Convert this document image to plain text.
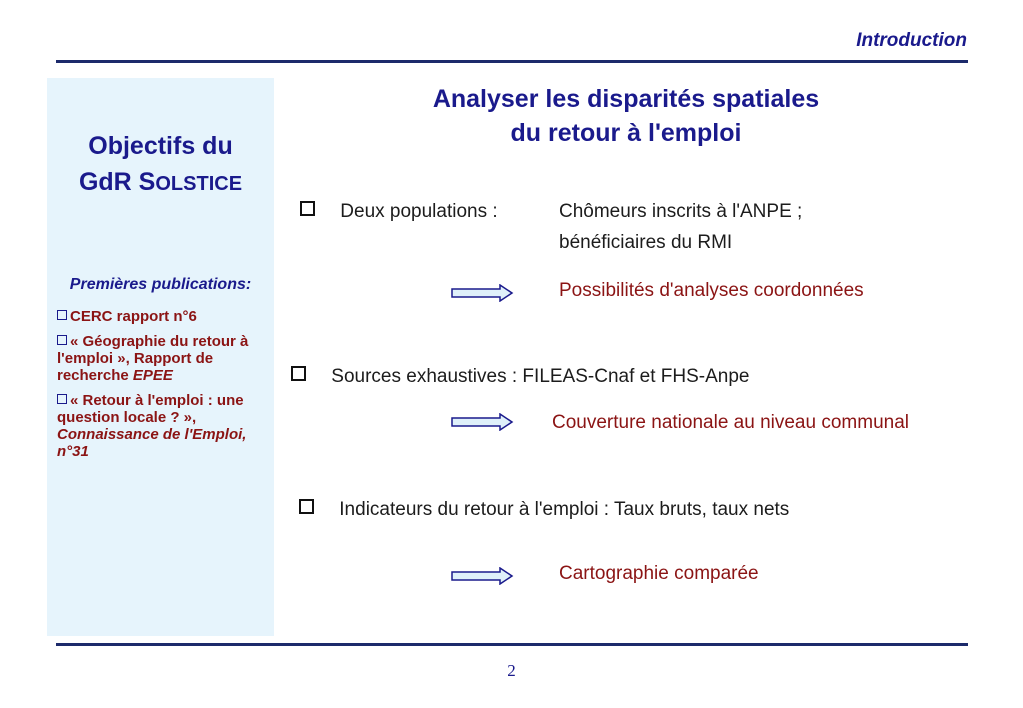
Introduction
Objectifs du
GdR SOLSTICE
Premières publications:
CERC rapport n°6
« Géographie du retour à l'emploi », Rapport de recherche EPEE
« Retour à l'emploi : une question locale ? », Connaissance de l'Emploi, n°31
Analyser les disparités spatiales
du retour à l'emploi
Deux populations :	Chômeurs inscrits à l'ANPE ;
bénéficiaires du RMI
Possibilités d'analyses coordonnées
Sources exhaustives : FILEAS-Cnaf et FHS-Anpe
Couverture nationale au niveau communal
Indicateurs du retour à l'emploi : Taux bruts, taux nets
Cartographie comparée
2
